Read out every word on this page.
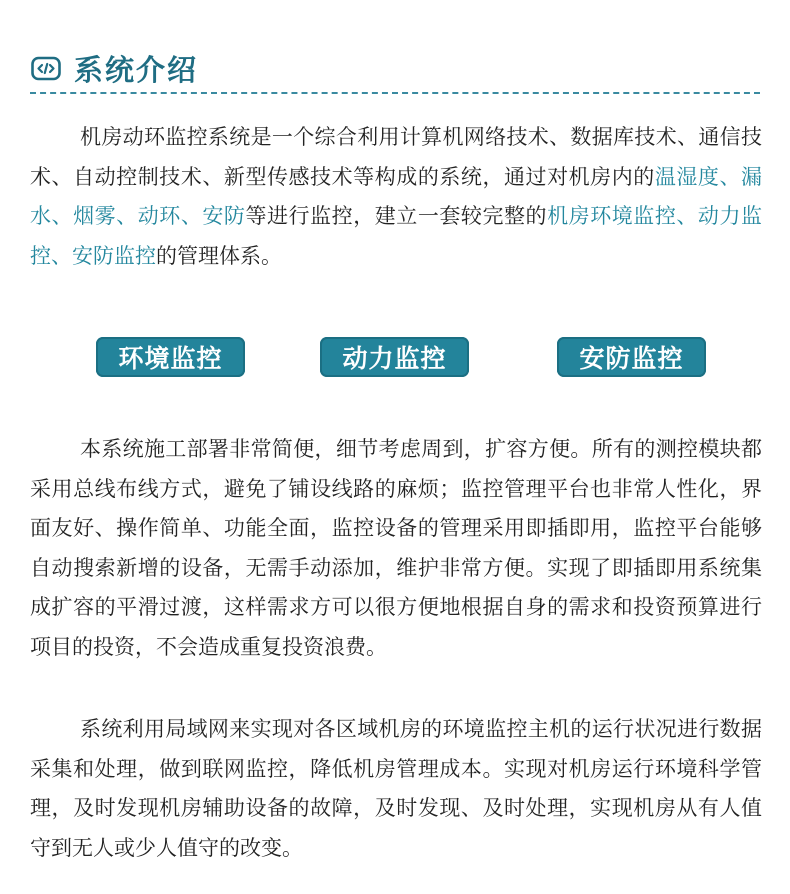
系统介绍

机房动环监控系统是一个综合利用计算机网络技术、数据库技术、通信技术、自动控制技术、新型传感技术等构成的系统，通过对机房内的温湿度、漏水、烟雾、动环、安防等进行监控，建立一套较完整的机房环境监控、动力监控、安防监控的管理体系。

环境监控	动力监控	安防监控

本系统施工部署非常简便，细节考虑周到，扩容方便。所有的测控模块都采用总线布线方式，避免了铺设线路的麻烦；监控管理平台也非常人性化，界面友好、操作简单、功能全面，监控设备的管理采用即插即用，监控平台能够自动搜索新增的设备，无需手动添加，维护非常方便。实现了即插即用系统集成扩容的平滑过渡，这样需求方可以很方便地根据自身的需求和投资预算进行项目的投资，不会造成重复投资浪费。

系统利用局域网来实现对各区域机房的环境监控主机的运行状况进行数据采集和处理，做到联网监控，降低机房管理成本。实现对机房运行环境科学管理，及时发现机房辅助设备的故障，及时发现、及时处理，实现机房从有人值守到无人或少人值守的改变。
